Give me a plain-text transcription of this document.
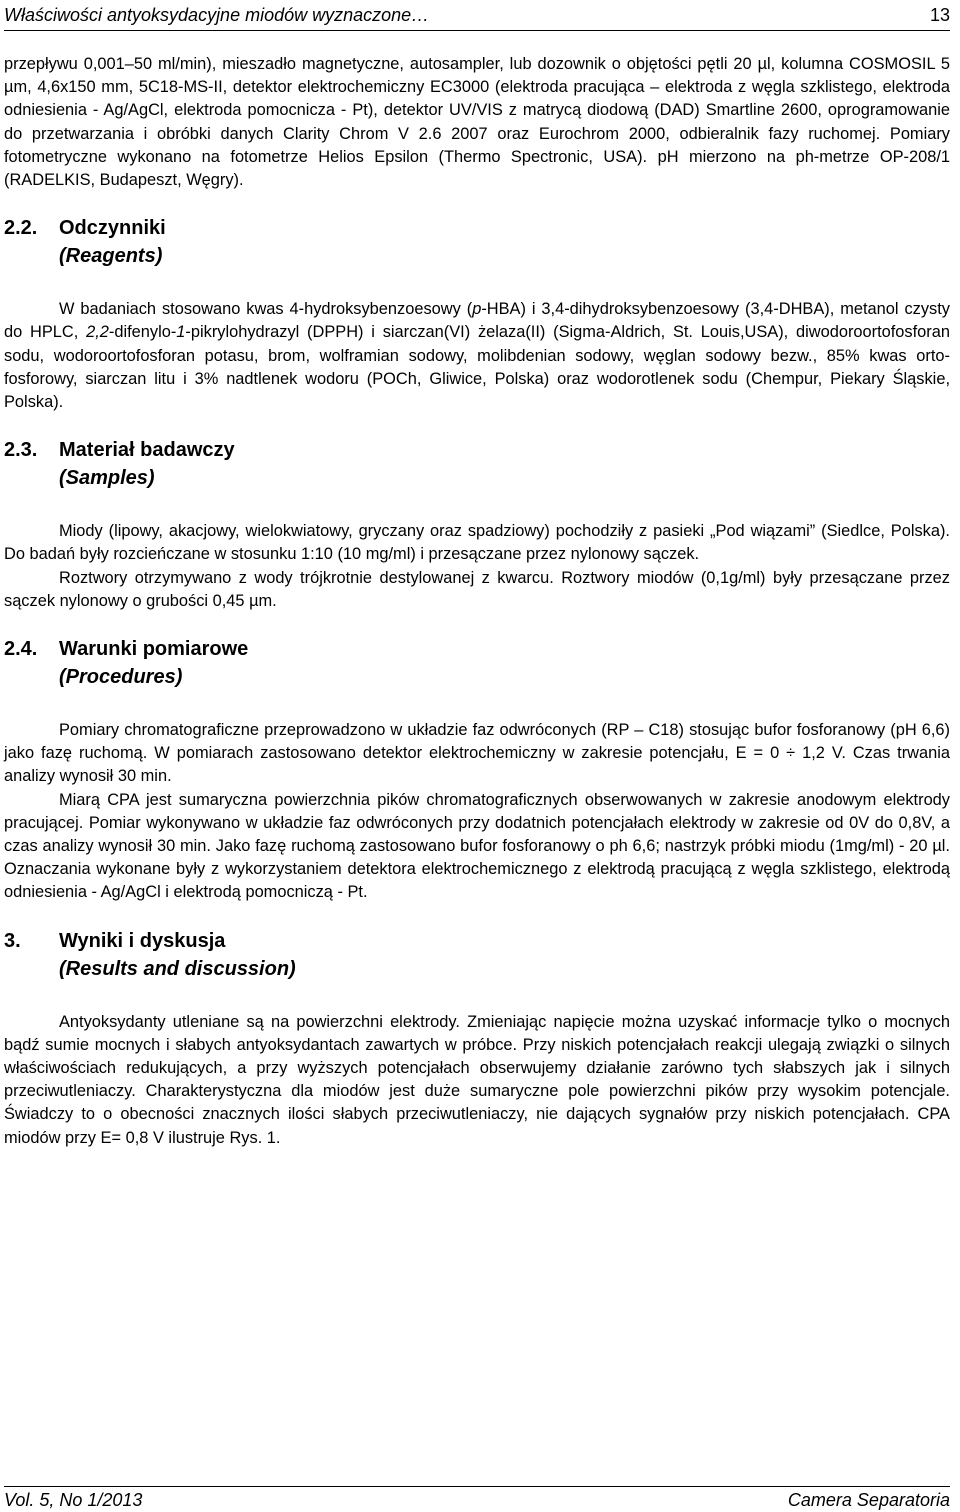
Właściwości antyoksydacyjne miodów wyznaczone…	13

przepływu 0,001–50 ml/min), mieszadło magnetyczne, autosampler, lub dozownik o objętości pętli 20 µl, kolumna COSMOSIL 5 µm, 4,6x150 mm, 5C18-MS-II, detektor elektrochemiczny EC3000 (elektroda pracująca – elektroda z węgla szklistego, elektroda odniesienia - Ag/AgCl, elektroda pomocnicza - Pt), detektor UV/VIS z matrycą diodową (DAD) Smartline 2600, oprogramowanie do przetwarzania i obróbki danych Clarity Chrom V 2.6 2007 oraz Eurochrom 2000, odbieralnik fazy ruchomej. Pomiary fotometryczne wykonano na fotometrze Helios Epsilon (Thermo Spectronic, USA). pH mierzono na ph-metrze OP-208/1 (RADELKIS, Budapeszt, Węgry).

2.2.	Odczynniki
(Reagents)

W badaniach stosowano kwas 4-hydroksybenzoesowy (p-HBA) i 3,4-dihydroksybenzoesowy (3,4-DHBA), metanol czysty do HPLC, 2,2-difenylo-1-pikrylohydrazyl (DPPH) i siarczan(VI) żelaza(II) (Sigma-Aldrich, St. Louis,USA), diwodoroortofosforan sodu, wodoroortofosforan potasu, brom, wolframian sodowy, molibdenian sodowy, węglan sodowy bezw., 85% kwas orto-fosforowy, siarczan litu i 3% nadtlenek wodoru (POCh, Gliwice, Polska) oraz wodorotlenek sodu (Chempur, Piekary Śląskie, Polska).

2.3.	Materiał badawczy
(Samples)

Miody (lipowy, akacjowy, wielokwiatowy, gryczany oraz spadziowy) pochodziły z pasieki „Pod wiązami” (Siedlce, Polska). Do badań były rozcieńczane w stosunku 1:10 (10 mg/ml) i przesączane przez nylonowy sączek.

Roztwory otrzymywano z wody trójkrotnie destylowanej z kwarcu. Roztwory miodów (0,1g/ml) były przesączane przez sączek nylonowy o grubości 0,45 µm.

2.4.	Warunki pomiarowe
(Procedures)

Pomiary chromatograficzne przeprowadzono w układzie faz odwróconych (RP – C18) stosując bufor fosforanowy (pH 6,6) jako fazę ruchomą. W pomiarach zastosowano detektor elektrochemiczny w zakresie potencjału, E = 0 ÷ 1,2 V. Czas trwania analizy wynosił 30 min.

Miarą CPA jest sumaryczna powierzchnia pików chromatograficznych obserwowanych w zakresie anodowym elektrody pracującej. Pomiar wykonywano w układzie faz odwróconych przy dodatnich potencjałach elektrody w zakresie od 0V do 0,8V, a czas analizy wynosił 30 min. Jako fazę ruchomą zastosowano bufor fosforanowy o ph 6,6; nastrzyk próbki miodu (1mg/ml) - 20 µl. Oznaczania wykonane były z wykorzystaniem detektora elektrochemicznego z elektrodą pracującą z węgla szklistego, elektrodą odniesienia - Ag/AgCl i elektrodą pomocniczą - Pt.

3.	Wyniki i dyskusja
(Results and discussion)

Antyoksydanty utleniane są na powierzchni elektrody. Zmieniając napięcie można uzyskać informacje tylko o mocnych bądź sumie mocnych i słabych antyoksydantach zawartych w próbce. Przy niskich potencjałach reakcji ulegają związki o silnych właściwościach redukujących, a przy wyższych potencjałach obserwujemy działanie zarówno tych słabszych jak i silnych przeciwutleniaczy. Charakterystyczna dla miodów jest duże sumaryczne pole powierzchni pików przy wysokim potencjale. Świadczy to o obecności znacznych ilości słabych przeciwutleniaczy, nie dających sygnałów przy niskich potencjałach. CPA miodów przy E= 0,8 V ilustruje Rys. 1.

Vol. 5, No 1/2013	Camera Separatoria
